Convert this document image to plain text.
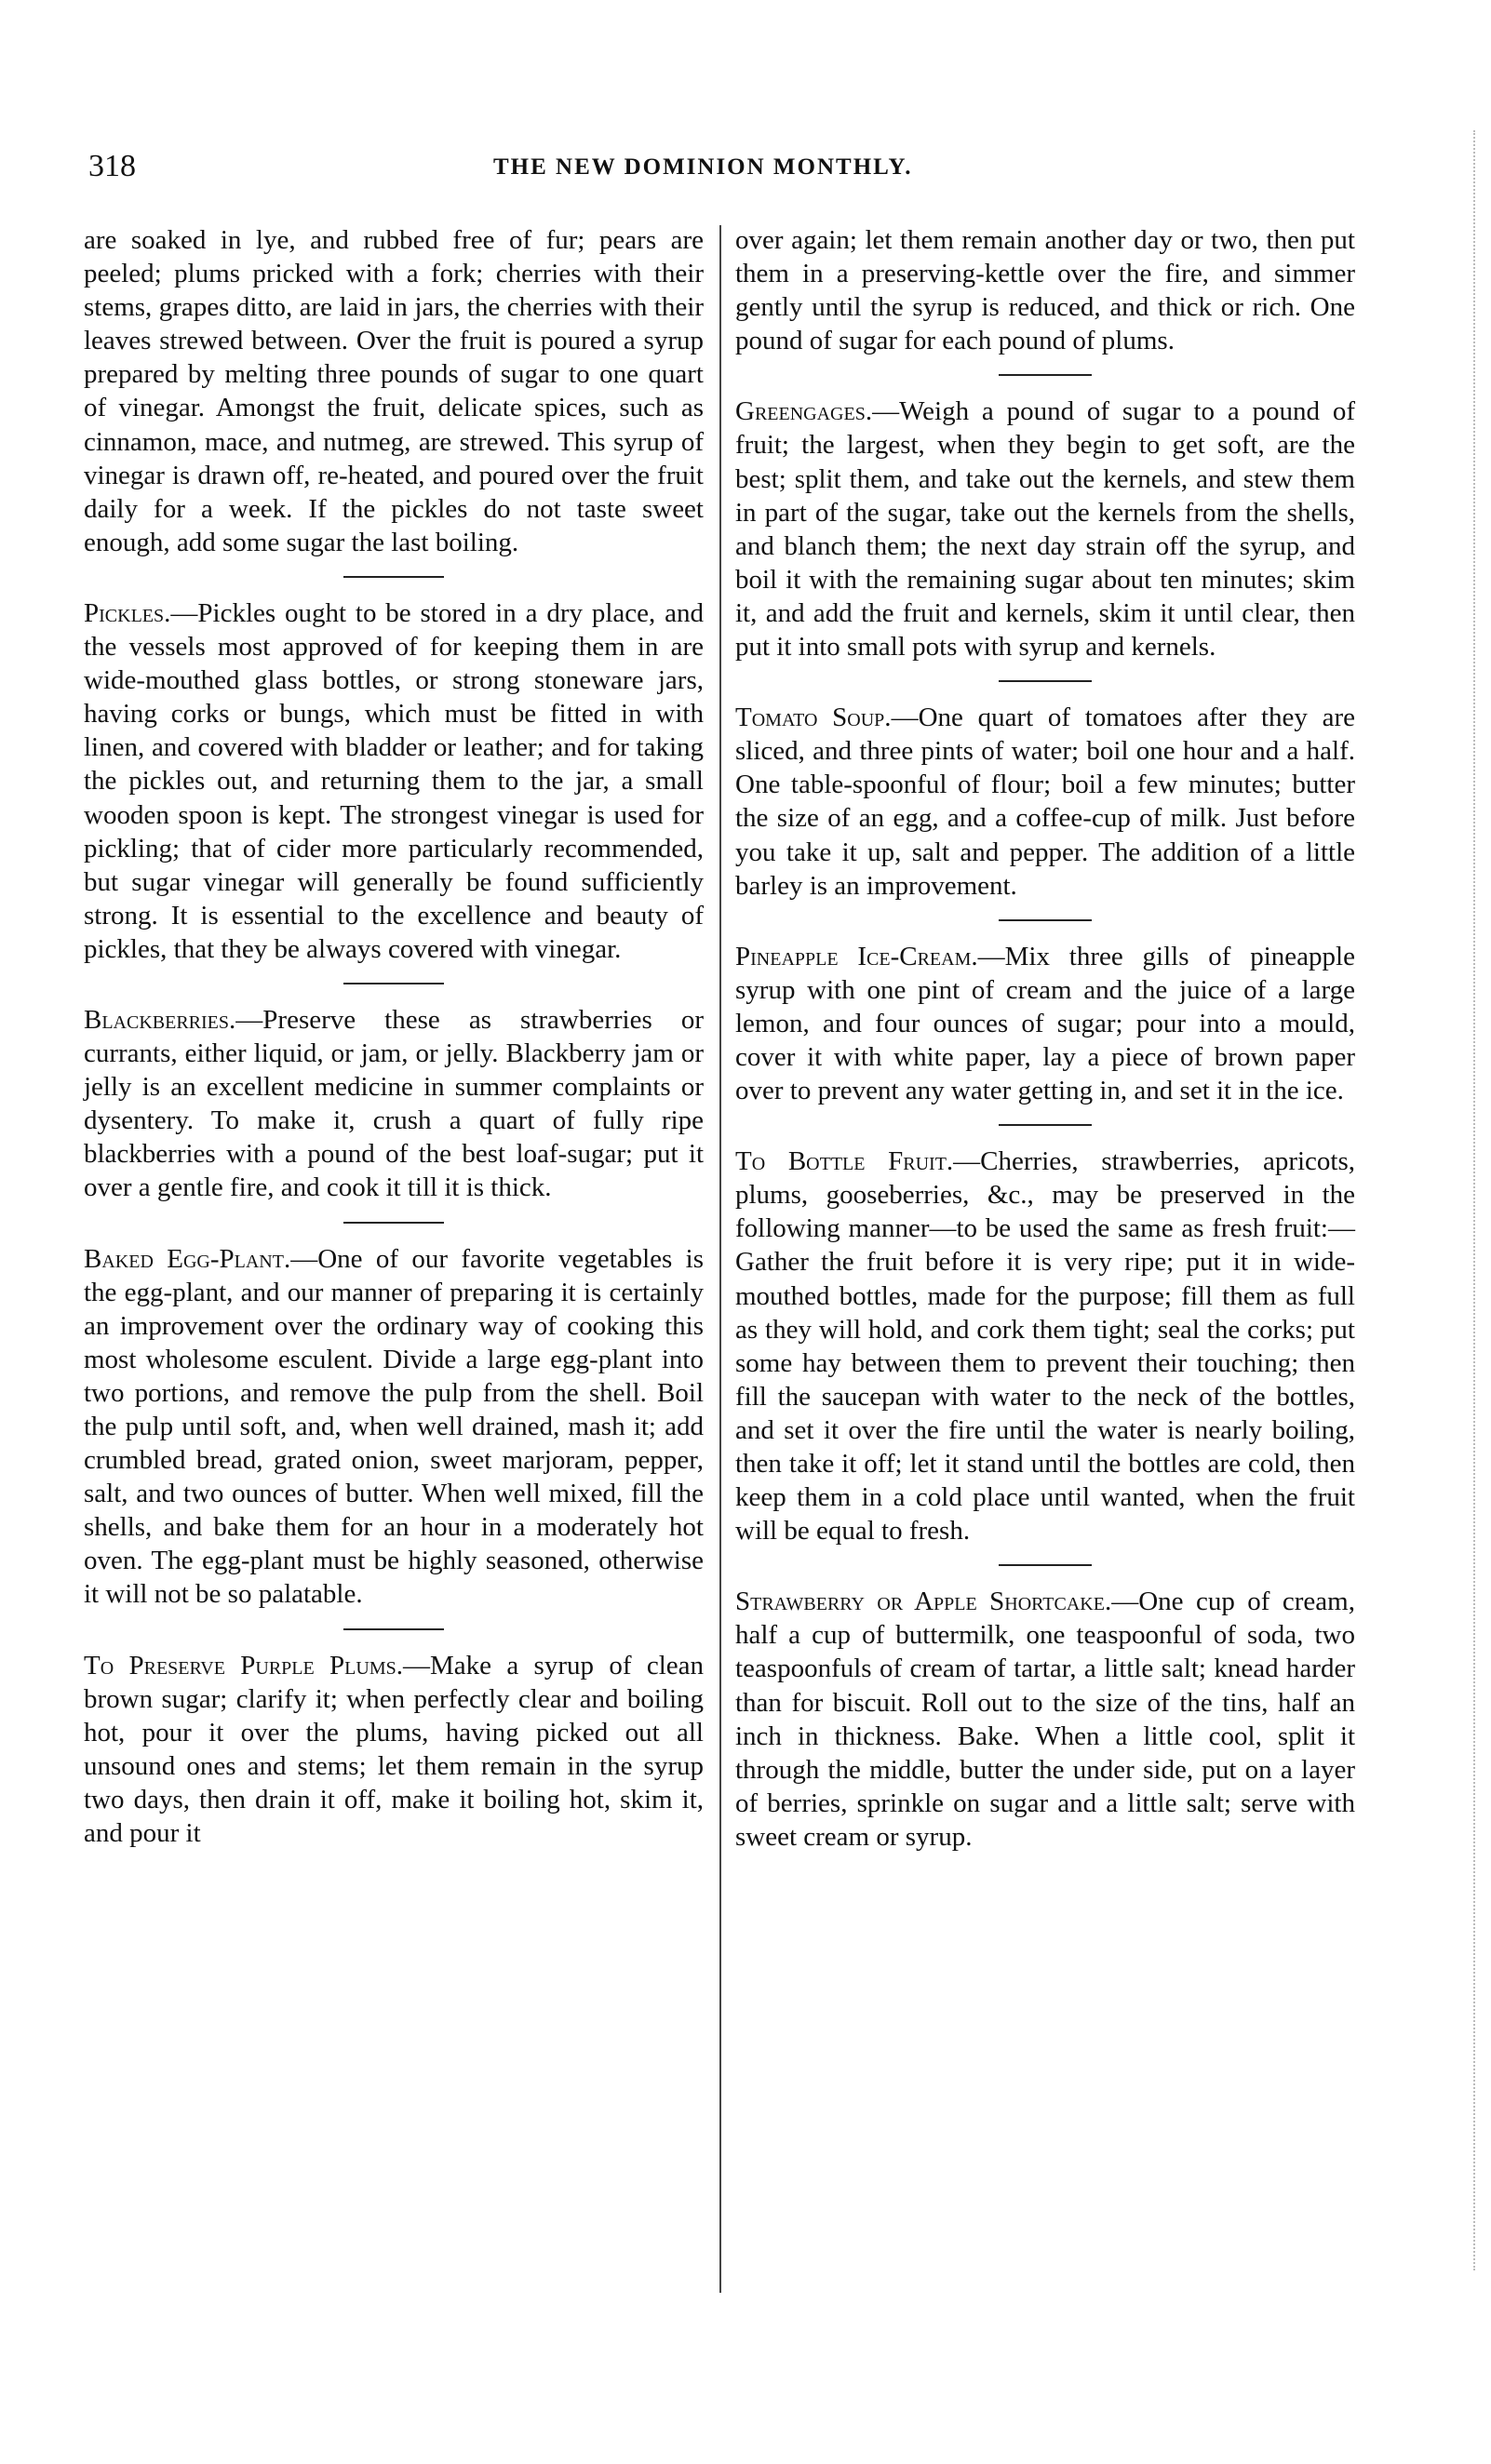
318	THE NEW DOMINION MONTHLY.

are soaked in lye, and rubbed free of fur; pears are peeled; plums pricked with a fork; cherries with their stems, grapes ditto, are laid in jars, the cherries with their leaves strewed between. Over the fruit is poured a syrup prepared by melting three pounds of sugar to one quart of vinegar. Amongst the fruit, delicate spices, such as cinnamon, mace, and nutmeg, are strewed. This syrup of vinegar is drawn off, re-heated, and poured over the fruit daily for a week. If the pickles do not taste sweet enough, add some sugar the last boiling.

Pickles.—Pickles ought to be stored in a dry place, and the vessels most approved of for keeping them in are wide-mouthed glass bottles, or strong stoneware jars, having corks or bungs, which must be fitted in with linen, and covered with bladder or leather; and for taking the pickles out, and returning them to the jar, a small wooden spoon is kept. The strongest vinegar is used for pickling; that of cider more particularly recommended, but sugar vinegar will generally be found sufficiently strong. It is essential to the excellence and beauty of pickles, that they be always covered with vinegar.

Blackberries.—Preserve these as strawberries or currants, either liquid, or jam, or jelly. Blackberry jam or jelly is an excellent medicine in summer complaints or dysentery. To make it, crush a quart of fully ripe blackberries with a pound of the best loaf-sugar; put it over a gentle fire, and cook it till it is thick.

Baked Egg-Plant.—One of our favorite vegetables is the egg-plant, and our manner of preparing it is certainly an improvement over the ordinary way of cooking this most wholesome esculent. Divide a large egg-plant into two portions, and remove the pulp from the shell. Boil the pulp until soft, and, when well drained, mash it; add crumbled bread, grated onion, sweet marjoram, pepper, salt, and two ounces of butter. When well mixed, fill the shells, and bake them for an hour in a moderately hot oven. The egg-plant must be highly seasoned, otherwise it will not be so palatable.

To Preserve Purple Plums.—Make a syrup of clean brown sugar; clarify it; when perfectly clear and boiling hot, pour it over the plums, having picked out all unsound ones and stems; let them remain in the syrup two days, then drain it off, make it boiling hot, skim it, and pour it

over again; let them remain another day or two, then put them in a preserving-kettle over the fire, and simmer gently until the syrup is reduced, and thick or rich. One pound of sugar for each pound of plums.

Greengages.—Weigh a pound of sugar to a pound of fruit; the largest, when they begin to get soft, are the best; split them, and take out the kernels, and stew them in part of the sugar, take out the kernels from the shells, and blanch them; the next day strain off the syrup, and boil it with the remaining sugar about ten minutes; skim it, and add the fruit and kernels, skim it until clear, then put it into small pots with syrup and kernels.

Tomato Soup.—One quart of tomatoes after they are sliced, and three pints of water; boil one hour and a half. One table-spoonful of flour; boil a few minutes; butter the size of an egg, and a coffee-cup of milk. Just before you take it up, salt and pepper. The addition of a little barley is an improvement.

Pineapple Ice-Cream.—Mix three gills of pineapple syrup with one pint of cream and the juice of a large lemon, and four ounces of sugar; pour into a mould, cover it with white paper, lay a piece of brown paper over to prevent any water getting in, and set it in the ice.

To Bottle Fruit.—Cherries, strawberries, apricots, plums, gooseberries, &c., may be preserved in the following manner—to be used the same as fresh fruit:—Gather the fruit before it is very ripe; put it in wide-mouthed bottles, made for the purpose; fill them as full as they will hold, and cork them tight; seal the corks; put some hay between them to prevent their touching; then fill the saucepan with water to the neck of the bottles, and set it over the fire until the water is nearly boiling, then take it off; let it stand until the bottles are cold, then keep them in a cold place until wanted, when the fruit will be equal to fresh.

Strawberry or Apple Shortcake.—One cup of cream, half a cup of buttermilk, one teaspoonful of soda, two teaspoonfuls of cream of tartar, a little salt; knead harder than for biscuit. Roll out to the size of the tins, half an inch in thickness. Bake. When a little cool, split it through the middle, butter the under side, put on a layer of berries, sprinkle on sugar and a little salt; serve with sweet cream or syrup.
